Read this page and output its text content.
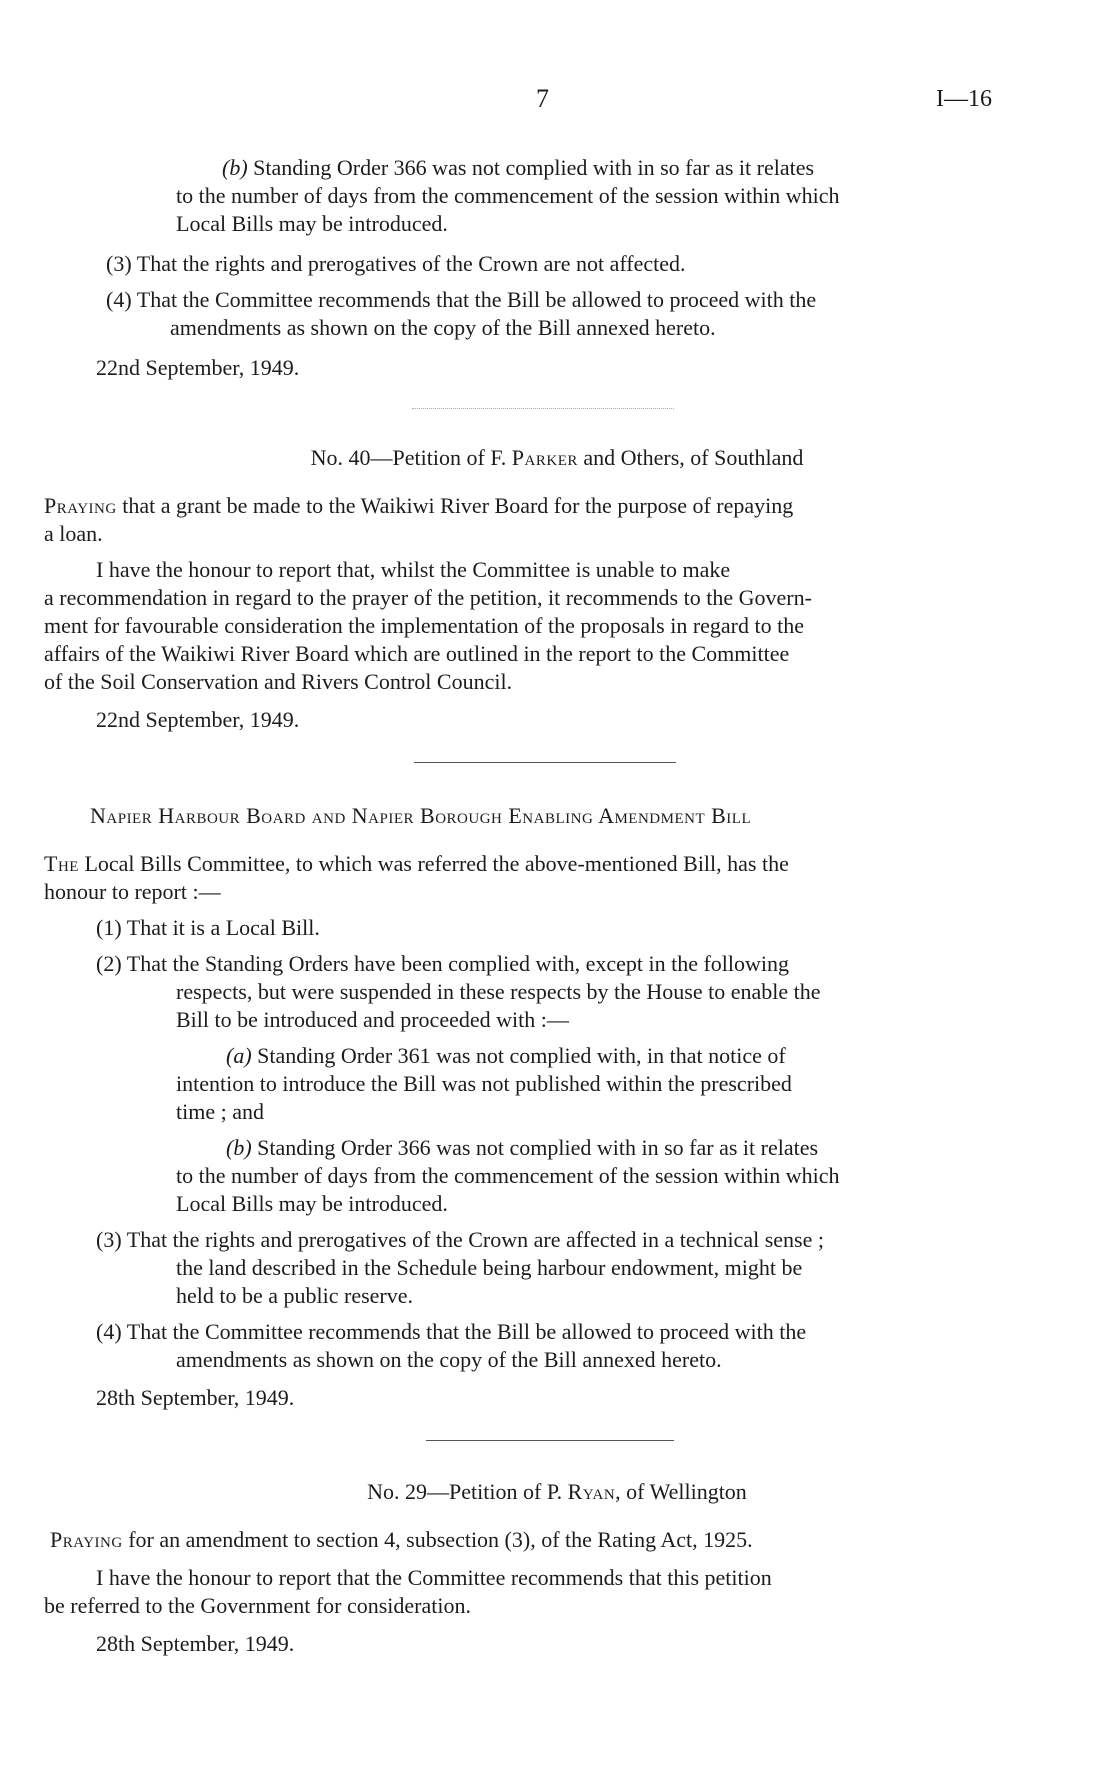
7	I—16
(b) Standing Order 366 was not complied with in so far as it relates
to the number of days from the commencement of the session within which
Local Bills may be introduced.
(3) That the rights and prerogatives of the Crown are not affected.
(4) That the Committee recommends that the Bill be allowed to proceed with the
amendments as shown on the copy of the Bill annexed hereto.
22nd September, 1949.
No. 40—Petition of F. Parker and Others, of Southland
Praying that a grant be made to the Waikiwi River Board for the purpose of repaying
a loan.
I have the honour to report that, whilst the Committee is unable to make
a recommendation in regard to the prayer of the petition, it recommends to the Govern-
ment for favourable consideration the implementation of the proposals in regard to the
affairs of the Waikiwi River Board which are outlined in the report to the Committee
of the Soil Conservation and Rivers Control Council.
22nd September, 1949.
Napier Harbour Board and Napier Borough Enabling Amendment Bill
The Local Bills Committee, to which was referred the above-mentioned Bill, has the
honour to report :—
(1) That it is a Local Bill.
(2) That the Standing Orders have been complied with, except in the following
respects, but were suspended in these respects by the House to enable the
Bill to be introduced and proceeded with :—
(a) Standing Order 361 was not complied with, in that notice of
intention to introduce the Bill was not published within the prescribed
time ; and
(b) Standing Order 366 was not complied with in so far as it relates
to the number of days from the commencement of the session within which
Local Bills may be introduced.
(3) That the rights and prerogatives of the Crown are affected in a technical sense ;
the land described in the Schedule being harbour endowment, might be
held to be a public reserve.
(4) That the Committee recommends that the Bill be allowed to proceed with the
amendments as shown on the copy of the Bill annexed hereto.
28th September, 1949.
No. 29—Petition of P. Ryan, of Wellington
Praying for an amendment to section 4, subsection (3), of the Rating Act, 1925.
I have the honour to report that the Committee recommends that this petition
be referred to the Government for consideration.
28th September, 1949.
